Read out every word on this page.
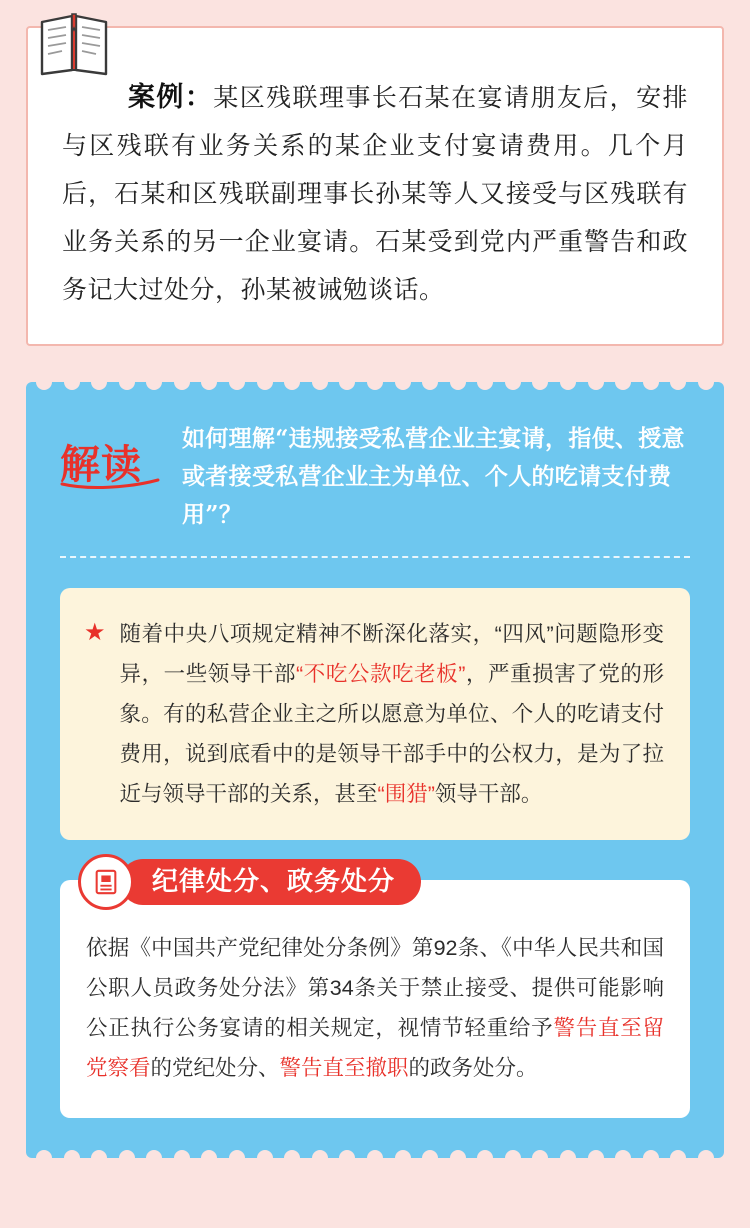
案例：某区残联理事长石某在宴请朋友后，安排与区残联有业务关系的某企业支付宴请费用。几个月后，石某和区残联副理事长孙某等人又接受与区残联有业务关系的另一企业宴请。石某受到党内严重警告和政务记大过处分，孙某被诫勉谈话。
解读
如何理解“违规接受私营企业主宴请，指使、授意或者接受私营企业主为单位、个人的吃请支付费用”？
★ 随着中央八项规定精神不断深化落实，“四风”问题隐形变异，一些领导干部“不吃公款吃老板”，严重损害了党的形象。有的私营企业主之所以愿意为单位、个人的吃请支付费用，说到底看中的是领导干部手中的公权力，是为了拉近与领导干部的关系，甚至“围猎”领导干部。
纪律处分、政务处分
依据《中国共产党纪律处分条例》第92条、《中华人民共和国公职人员政务处分法》第34条关于禁止接受、提供可能影响公正执行公务宴请的相关规定，视情节轻重给予警告直至留党察看的党纪处分、警告直至撤职的政务处分。
